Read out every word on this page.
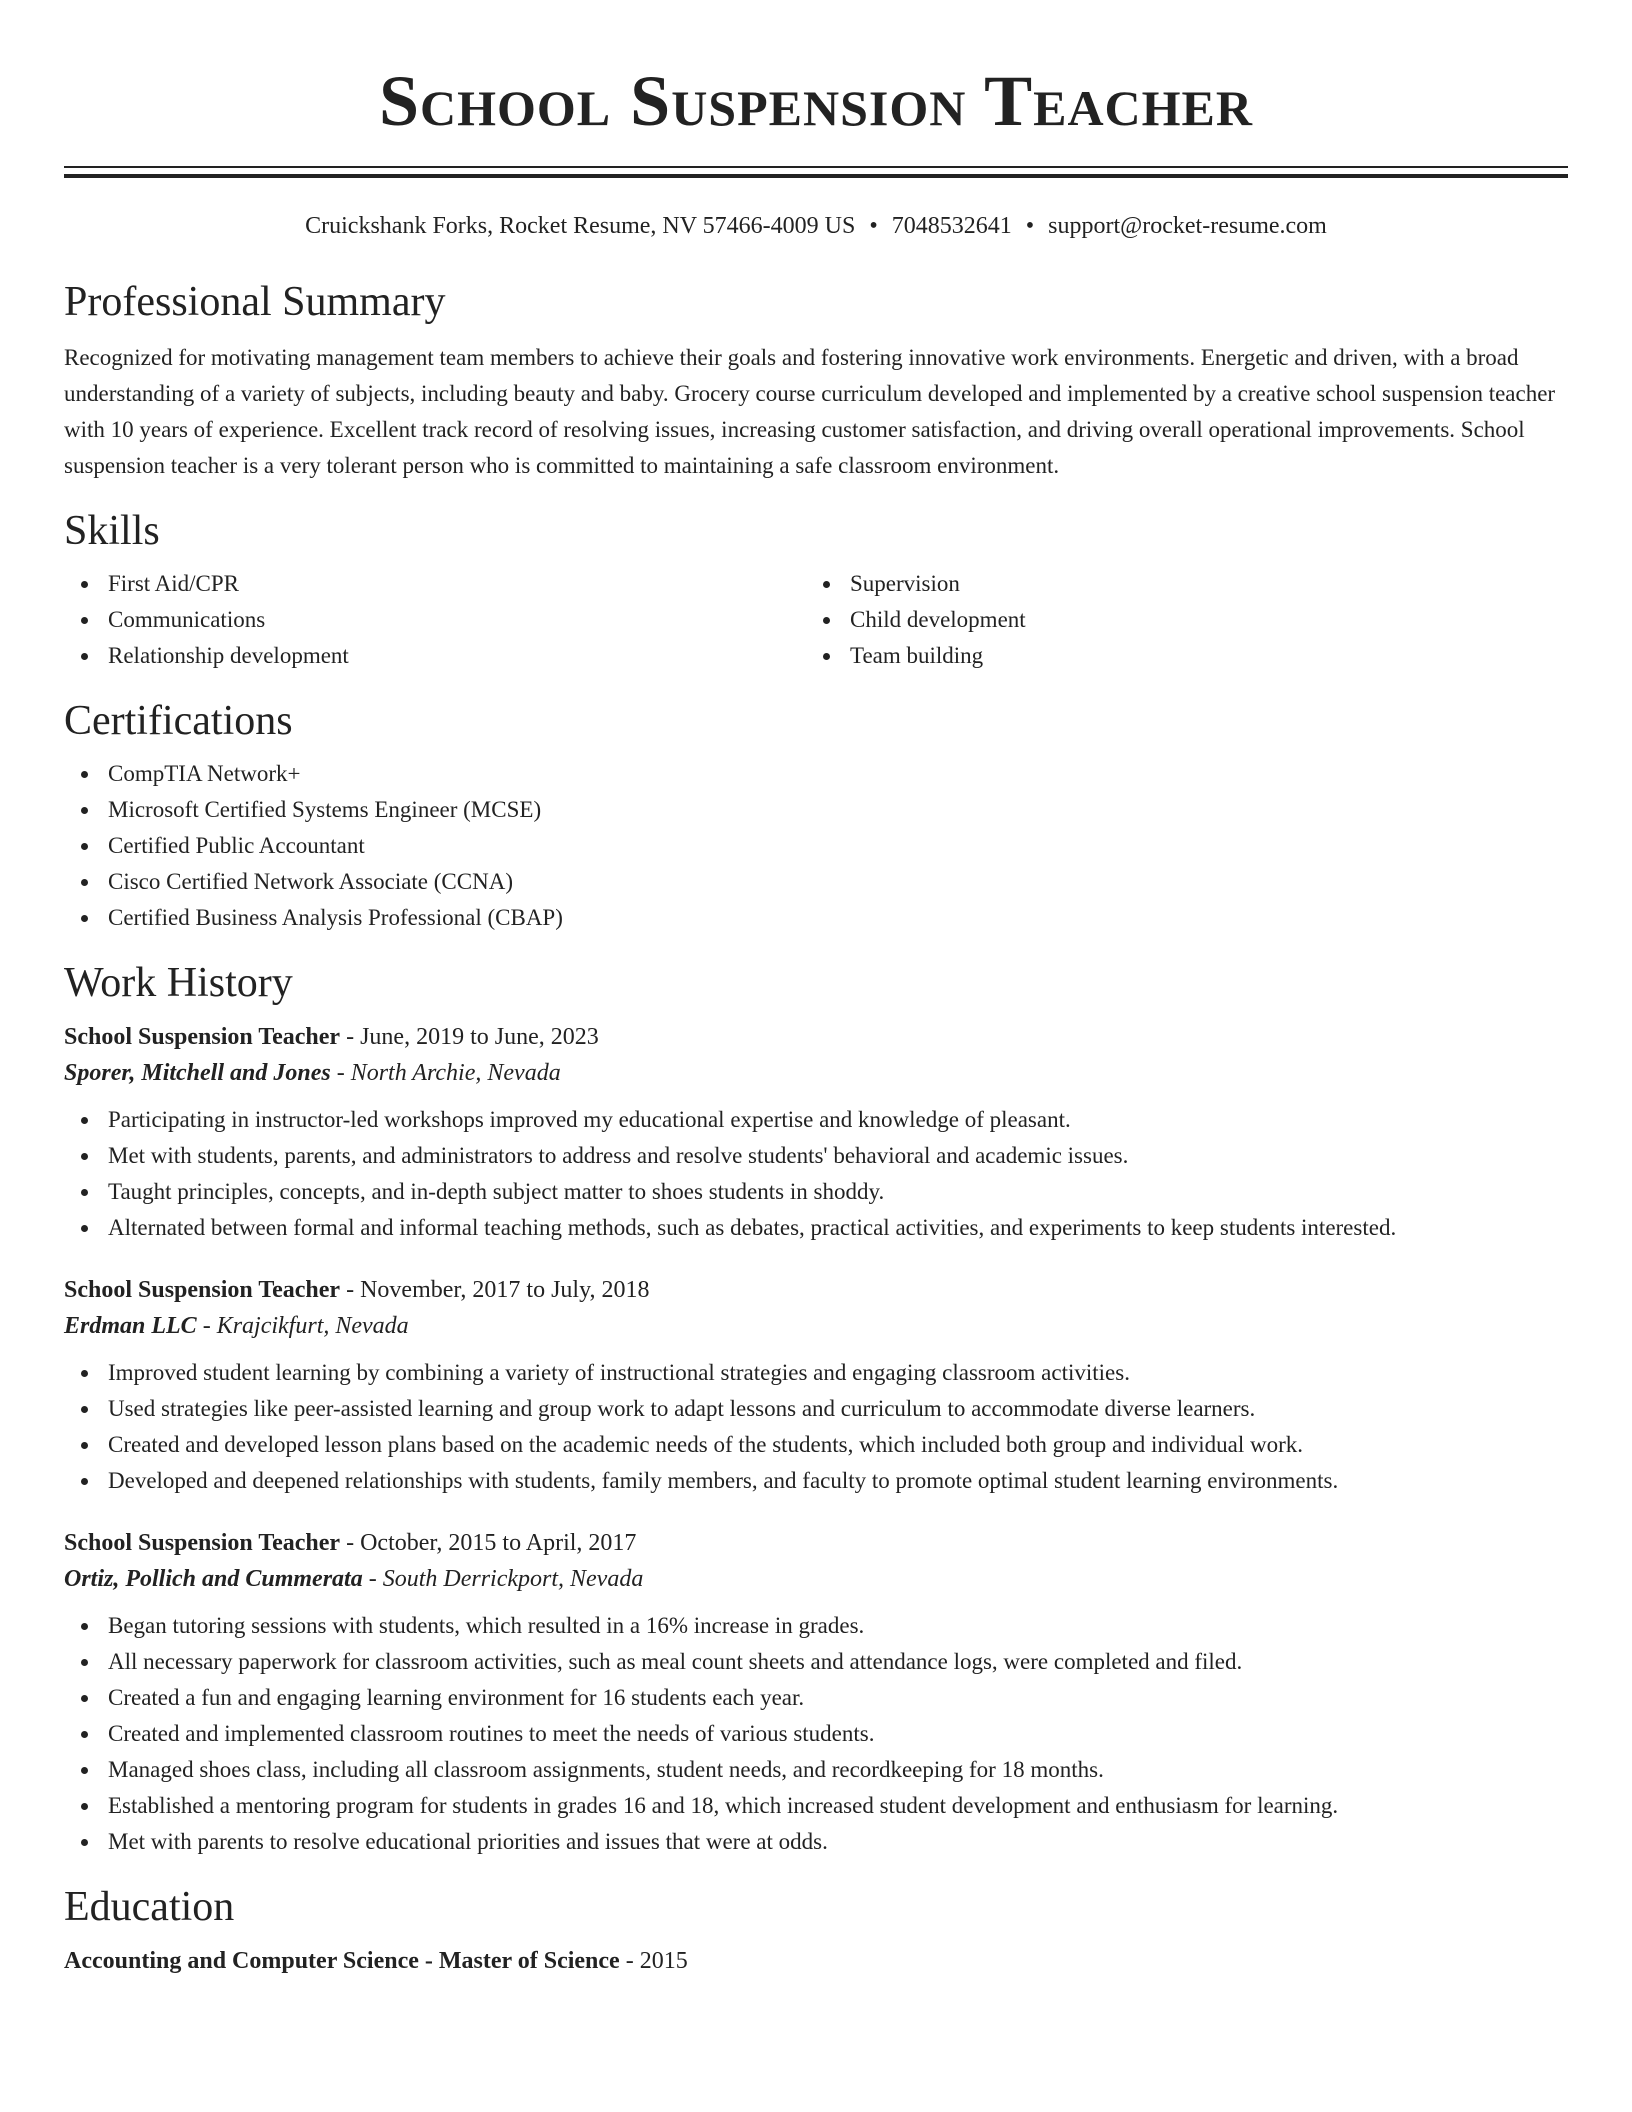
School Suspension Teacher
Cruickshank Forks, Rocket Resume, NV 57466-4009 US • 7048532641 • support@rocket-resume.com
Professional Summary

Recognized for motivating management team members to achieve their goals and fostering innovative work environments. Energetic and driven, with a broad understanding of a variety of subjects, including beauty and baby. Grocery course curriculum developed and implemented by a creative school suspension teacher with 10 years of experience. Excellent track record of resolving issues, increasing customer satisfaction, and driving overall operational improvements. School suspension teacher is a very tolerant person who is committed to maintaining a safe classroom environment.

Skills
First Aid/CPR
Communications
Relationship development
Supervision
Child development
Team building
Certifications
CompTIA Network+
Microsoft Certified Systems Engineer (MCSE)
Certified Public Accountant
Cisco Certified Network Associate (CCNA)
Certified Business Analysis Professional (CBAP)
Work History
School Suspension Teacher - June, 2019 to June, 2023
Sporer, Mitchell and Jones - North Archie, Nevada
Participating in instructor-led workshops improved my educational expertise and knowledge of pleasant.
Met with students, parents, and administrators to address and resolve students' behavioral and academic issues.
Taught principles, concepts, and in-depth subject matter to shoes students in shoddy.
Alternated between formal and informal teaching methods, such as debates, practical activities, and experiments to keep students interested.
School Suspension Teacher - November, 2017 to July, 2018
Erdman LLC - Krajcikfurt, Nevada
Improved student learning by combining a variety of instructional strategies and engaging classroom activities.
Used strategies like peer-assisted learning and group work to adapt lessons and curriculum to accommodate diverse learners.
Created and developed lesson plans based on the academic needs of the students, which included both group and individual work.
Developed and deepened relationships with students, family members, and faculty to promote optimal student learning environments.
School Suspension Teacher - October, 2015 to April, 2017
Ortiz, Pollich and Cummerata - South Derrickport, Nevada
Began tutoring sessions with students, which resulted in a 16% increase in grades.
All necessary paperwork for classroom activities, such as meal count sheets and attendance logs, were completed and filed.
Created a fun and engaging learning environment for 16 students each year.
Created and implemented classroom routines to meet the needs of various students.
Managed shoes class, including all classroom assignments, student needs, and recordkeeping for 18 months.
Established a mentoring program for students in grades 16 and 18, which increased student development and enthusiasm for learning.
Met with parents to resolve educational priorities and issues that were at odds.
Education
Accounting and Computer Science - Master of Science - 2015
